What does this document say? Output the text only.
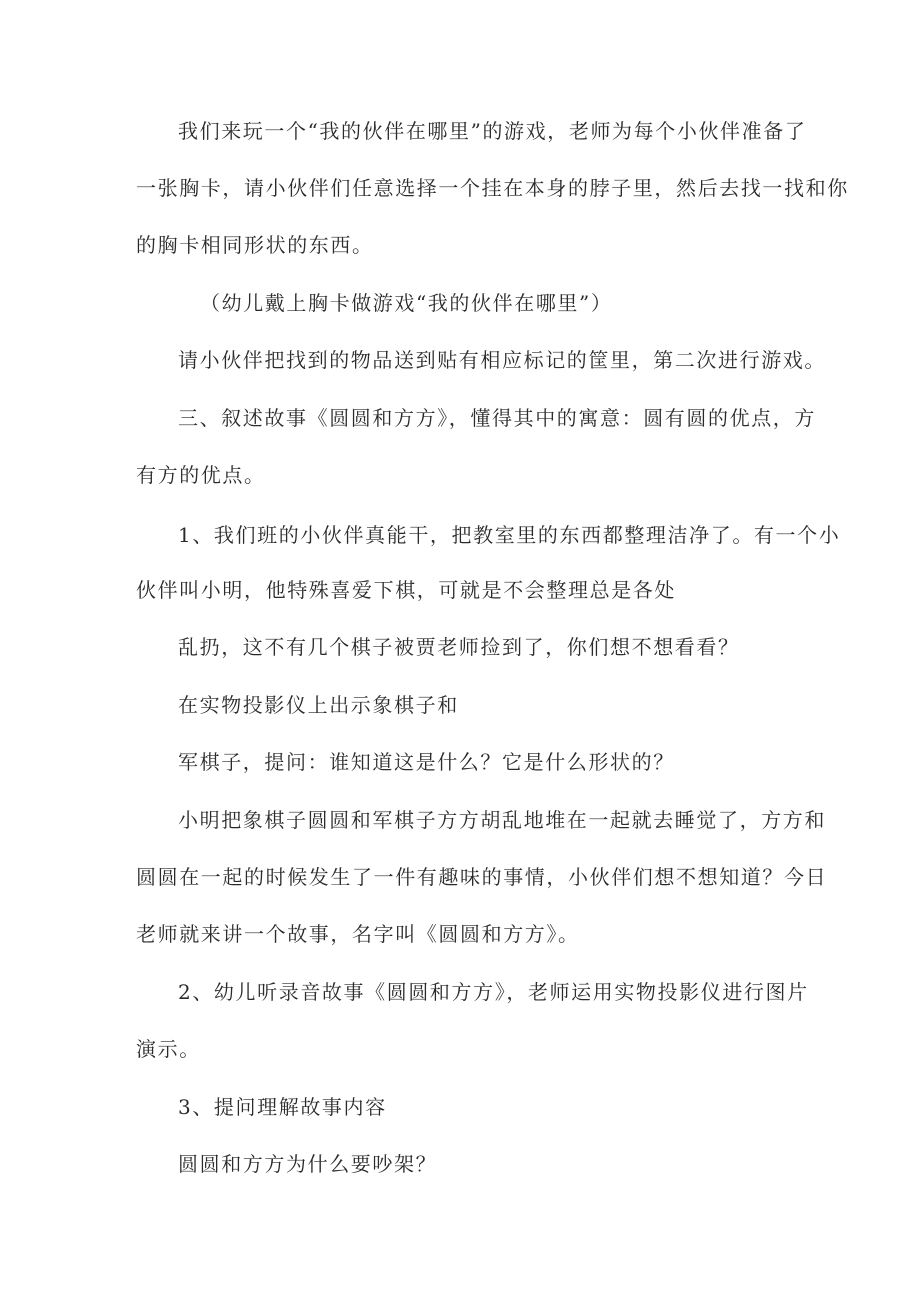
我们来玩一个“我的伙伴在哪里”的游戏，老师为每个小伙伴准备了
一张胸卡，请小伙伴们任意选择一个挂在本身的脖子里，然后去找一找和你
的胸卡相同形状的东西。
（幼儿戴上胸卡做游戏“我的伙伴在哪里”）
请小伙伴把找到的物品送到贴有相应标记的筐里，第二次进行游戏。
三、叙述故事《圆圆和方方》，懂得其中的寓意：圆有圆的优点，方
有方的优点。
1、我们班的小伙伴真能干，把教室里的东西都整理洁净了。有一个小
伙伴叫小明，他特殊喜爱下棋，可就是不会整理总是各处
乱扔，这不有几个棋子被贾老师捡到了，你们想不想看看？
在实物投影仪上出示象棋子和
军棋子，提问：谁知道这是什么？它是什么形状的？
小明把象棋子圆圆和军棋子方方胡乱地堆在一起就去睡觉了，方方和
圆圆在一起的时候发生了一件有趣味的事情，小伙伴们想不想知道？今日
老师就来讲一个故事，名字叫《圆圆和方方》。
2、幼儿听录音故事《圆圆和方方》，老师运用实物投影仪进行图片
演示。
3、提问理解故事内容
圆圆和方方为什么要吵架？
